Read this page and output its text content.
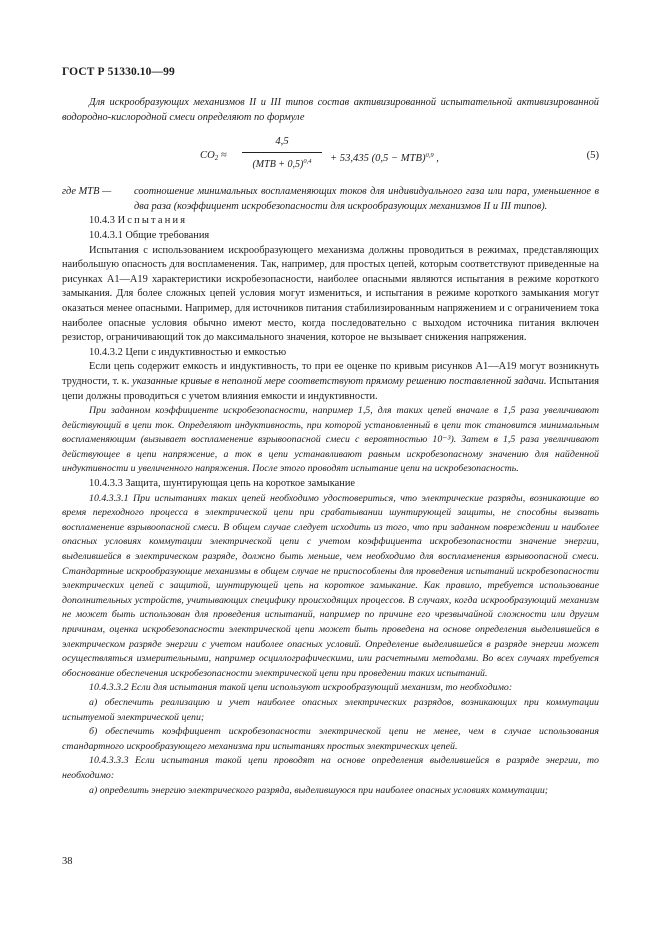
ГОСТ Р 51330.10—99

Для искрообразующих механизмов II и III типов состав активизированной испытательной активизированной водородно-кислородной смеси определяют по формуле

$CO_2$ ≈
4,5
(MTB + 0,5)$^{0,4}$	+ 53,435 (0,5 − MTB)$^{0,9}$ ,	(5)
где MTB —	соотношение минимальных воспламеняющих токов для индивидуального газа или пара, уменьшенное в два раза (коэффициент искробезопасности для искрообразующих механизмов II и III типов).

10.4.3 Испытания

10.4.3.1 Общие требования

Испытания с использованием искрообразующего механизма должны проводиться в режимах, представляющих наибольшую опасность для воспламенения. Так, например, для простых цепей, которым соответствуют приведенные на рисунках А1—А19 характеристики искробезопасности, наиболее опасными являются испытания в режиме короткого замыкания. Для более сложных цепей условия могут измениться, и испытания в режиме короткого замыкания могут оказаться менее опасными. Например, для источников питания стабилизированным напряжением и с ограничением тока наиболее опасные условия обычно имеют место, когда последовательно с выходом источника питания включен резистор, ограничивающий ток до максимального значения, которое не вызывает снижения напряжения.

10.4.3.2 Цепи с индуктивностью и емкостью

Если цепь содержит емкость и индуктивность, то при ее оценке по кривым рисунков А1—А19 могут возникнуть трудности, т. к. указанные кривые в неполной мере соответствуют прямому решению поставленной задачи. Испытания цепи должны проводиться с учетом влияния емкости и индуктивности.

При заданном коэффициенте искробезопасности, например 1,5, для таких цепей вначале в 1,5 раза увеличивают действующий в цепи ток. Определяют индуктивность, при которой установленный в цепи ток становится минимальным воспламеняющим (вызывает воспламенение взрывоопасной смеси с вероятностью 10⁻³). Затем в 1,5 раза увеличивают действующее в цепи напряжение, а ток в цепи устанавливают равным искробезопасному значению для найденной индуктивности и увеличенного напряжения. После этого проводят испытание цепи на искробезопасность.

10.4.3.3 Защита, шунтирующая цепь на короткое замыкание

10.4.3.3.1 При испытаниях таких цепей необходимо удостовериться, что электрические разряды, возникающие во время переходного процесса в электрической цепи при срабатывании шунтирующей защиты, не способны вызвать воспламенение взрывоопасной смеси. В общем случае следует исходить из того, что при заданном повреждении и наиболее опасных условиях коммутации электрической цепи с учетом коэффициента искробезопасности значение энергии, выделившейся в электрическом разряде, должно быть меньше, чем необходимо для воспламенения взрывоопасной смеси. Стандартные искрообразующие механизмы в общем случае не приспособлены для проведения испытаний искробезопасности электрических цепей с защитой, шунтирующей цепь на короткое замыкание. Как правило, требуется использование дополнительных устройств, учитывающих специфику происходящих процессов. В случаях, когда искрообразующий механизм не может быть использован для проведения испытаний, например по причине его чрезвычайной сложности или другим причинам, оценка искробезопасности электрической цепи может быть проведена на основе определения выделившейся в электрическом разряде энергии с учетом наиболее опасных условий. Определение выделившейся в разряде энергии может осуществляться измерительными, например осциллографическими, или расчетными методами. Во всех случаях требуется обоснование обеспечения искробезопасности электрической цепи при проведении таких испытаний.

10.4.3.3.2 Если для испытания такой цепи используют искрообразующий механизм, то необходимо:

а) обеспечить реализацию и учет наиболее опасных электрических разрядов, возникающих при коммутации испытуемой электрической цепи;

б) обеспечить коэффициент искробезопасности электрической цепи не менее, чем в случае использования стандартного искрообразующего механизма при испытаниях простых электрических цепей.

10.4.3.3.3 Если испытания такой цепи проводят на основе определения выделившейся в разряде энергии, то необходимо:

а) определить энергию электрического разряда, выделившуюся при наиболее опасных условиях коммутации;

38
